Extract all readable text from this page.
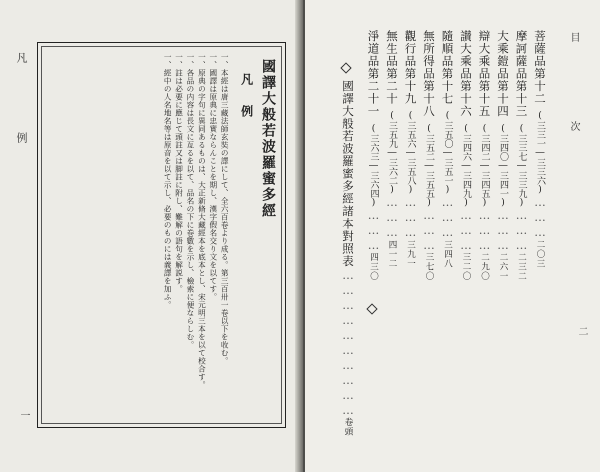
凡 例
一
國譯大般若波羅蜜多經
凡 例

一、本經は唐三藏法師玄奘の譯にして、全六百卷より成る。第三百卅一卷以下を收む。

一、國譯は原典に忠實ならんことを期し、漢字假名交り文を以てす。

一、原典の字句に異同あるものは、大正新脩大藏經本を底本とし、宋元明三本を以て校合す。

一、各品の内容は長文に亙るを以て、品名の下に卷數を示し、檢索に便ならしむ。

一、註は必要に應じて頭註又は脚註に附し、難解の語句を解説す。

一、經中の人名地名等は原音を以て示し、必要のものには義譯を加ふ。	目 次
二
菩薩品第十二(三三一―三三六)………二〇三
摩訶薩品第十三(三三七―三三九)………二三二
大乘鎧品第十四(三四〇―三四一)………二六一
辯大乘品第十五(三四二―三四五)………二九〇
讃大乘品第十六(三四六―三四九)………三二〇
隨順品第十七(三五〇―三五一)………三四八
無所得品第十八(三五二―三五五)………三七〇
觀行品第十九(三五六―三五八)………三九一
無生品第二十(三五九―三六二)………四一二
淨道品第二十一(三六三―三六四)………四三〇
國譯大般若波羅蜜多經諸本對照表…………………………卷頭
